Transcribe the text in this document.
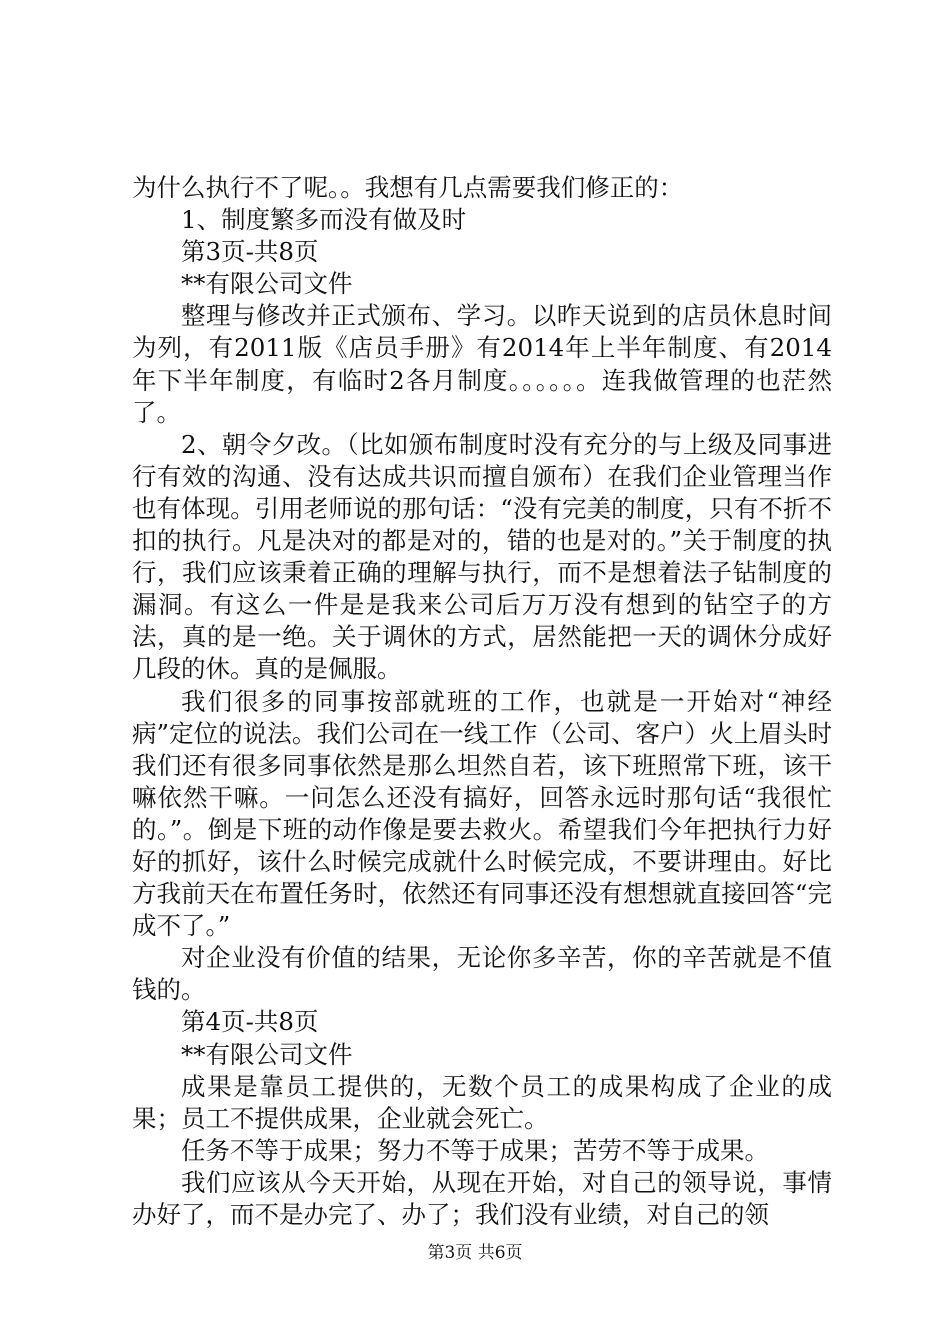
为什么执行不了呢。。我想有几点需要我们修正的：

1、制度繁多而没有做及时

第3页-共8页

**有限公司文件

整理与修改并正式颁布、学习。以昨天说到的店员休息时间为列，有2011版《店员手册》有2014年上半年制度、有2014年下半年制度，有临时2各月制度。。。。。。连我做管理的也茫然了。

2、朝令夕改。（比如颁布制度时没有充分的与上级及同事进行有效的沟通、没有达成共识而擅自颁布）在我们企业管理当作也有体现。引用老师说的那句话：“没有完美的制度，只有不折不扣的执行。凡是决对的都是对的，错的也是对的。”关于制度的执行，我们应该秉着正确的理解与执行，而不是想着法子钻制度的漏洞。有这么一件是是我来公司后万万没有想到的钻空子的方法，真的是一绝。关于调休的方式，居然能把一天的调休分成好几段的休。真的是佩服。

我们很多的同事按部就班的工作，也就是一开始对“神经病”定位的说法。我们公司在一线工作（公司、客户）火上眉头时我们还有很多同事依然是那么坦然自若，该下班照常下班，该干嘛依然干嘛。一问怎么还没有搞好，回答永远时那句话“我很忙的。”。倒是下班的动作像是要去救火。希望我们今年把执行力好好的抓好，该什么时候完成就什么时候完成，不要讲理由。好比方我前天在布置任务时，依然还有同事还没有想想就直接回答“完成不了。”

对企业没有价值的结果，无论你多辛苦，你的辛苦就是不值钱的。

第4页-共8页

**有限公司文件

成果是靠员工提供的，无数个员工的成果构成了企业的成果；员工不提供成果，企业就会死亡。

任务不等于成果；努力不等于成果；苦劳不等于成果。

我们应该从今天开始，从现在开始，对自己的领导说，事情办好了，而不是办完了、办了；我们没有业绩，对自己的领

第3页 共6页
